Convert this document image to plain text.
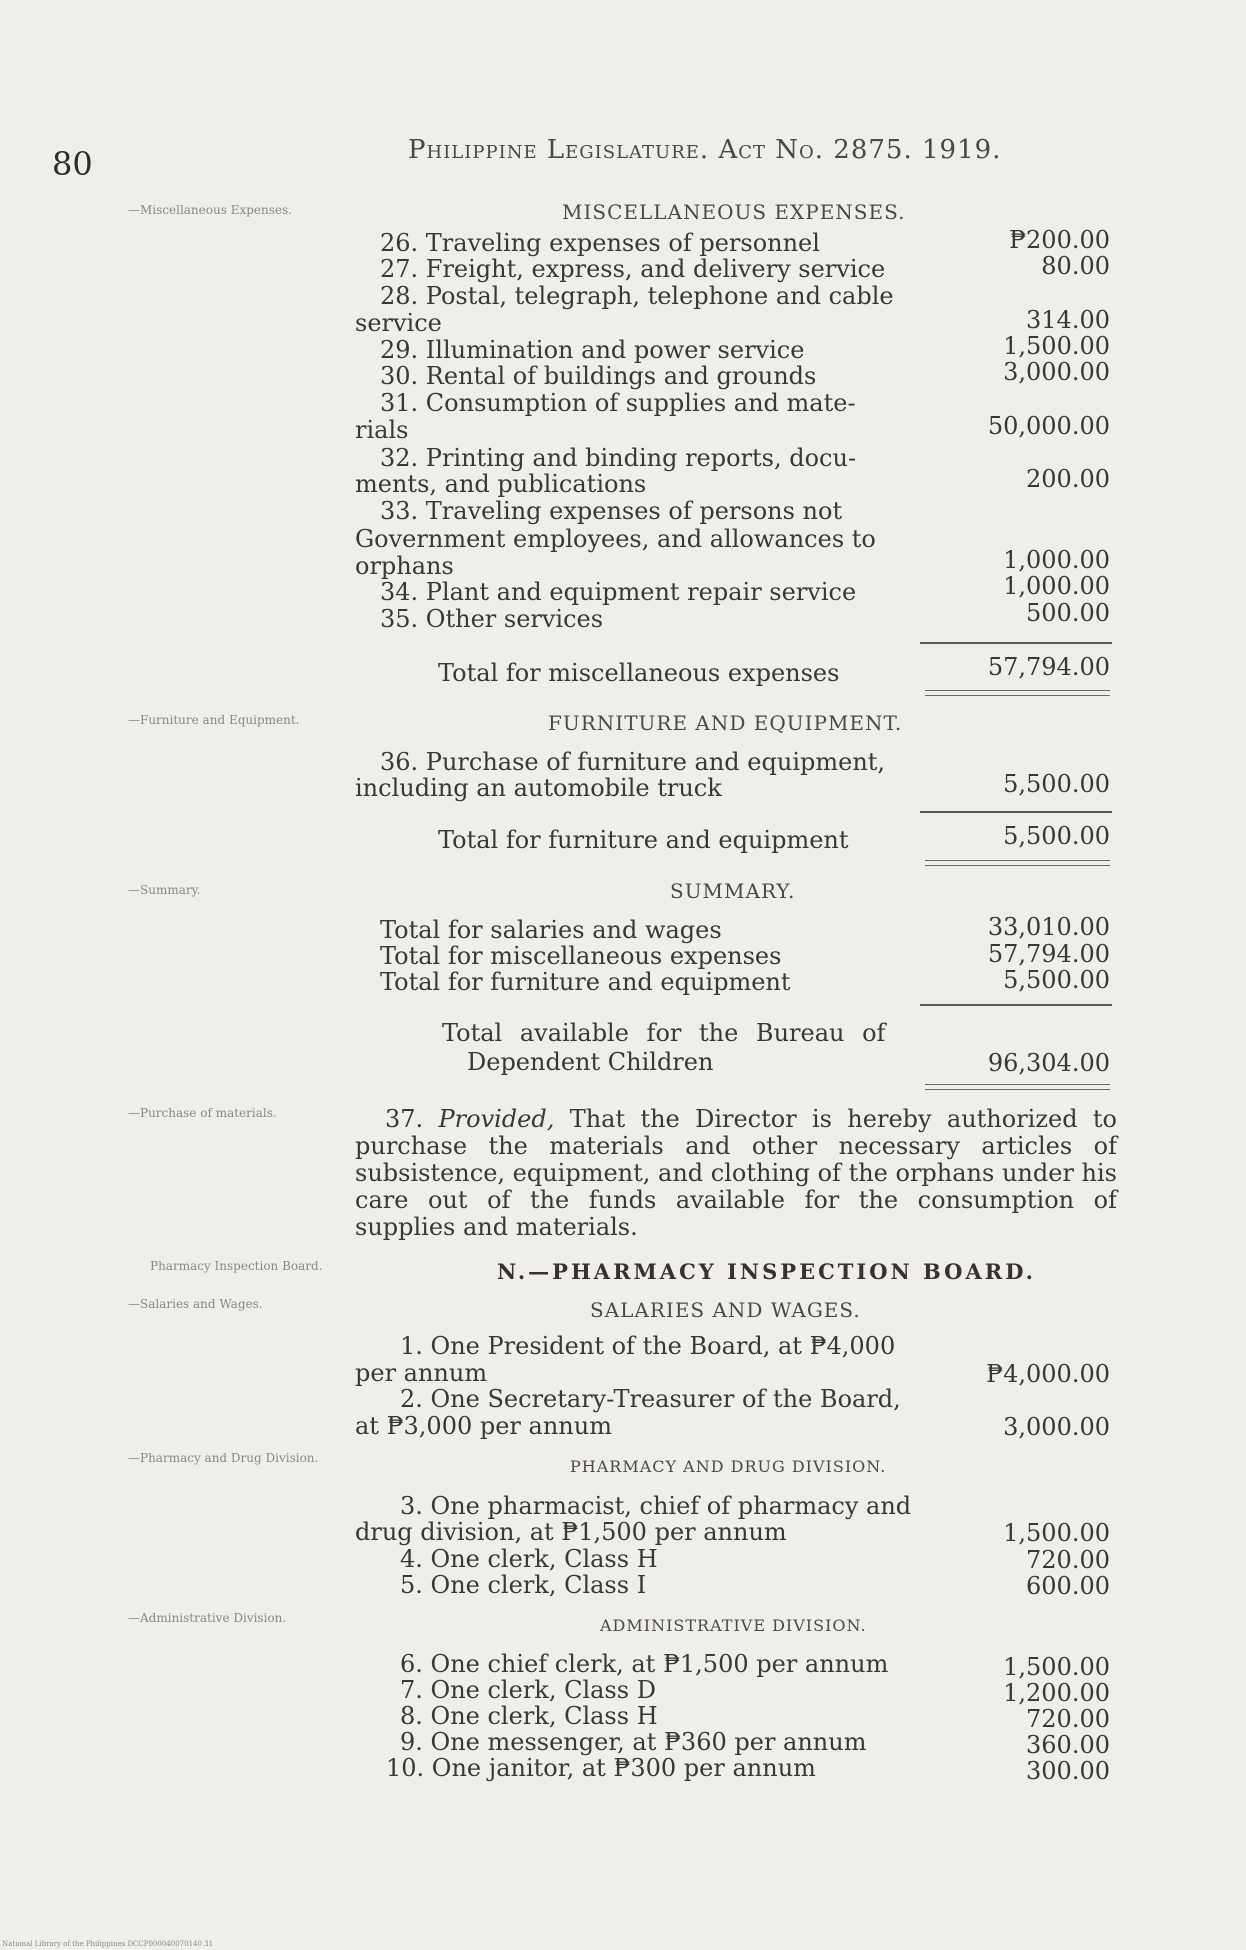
80	Philippine Legislature. Act No. 2875. 1919.
—Miscellaneous Expenses.	MISCELLANEOUS EXPENSES.
26. Traveling expenses of personnel	₱200.00
27. Freight, express, and delivery service	80.00
28. Postal, telegraph, telephone and cable
service	314.00
29. Illumination and power service	1,500.00
30. Rental of buildings and grounds	3,000.00
31. Consumption of supplies and mate-
rials	50,000.00
32. Printing and binding reports, docu-
ments, and publications	200.00
33. Traveling expenses of persons not
Government employees, and allowances to
orphans	1,000.00
34. Plant and equipment repair service	1,000.00
35. Other services	500.00
Total for miscellaneous expenses	57,794.00
—Furniture and Equipment.	FURNITURE AND EQUIPMENT.
36. Purchase of furniture and equipment,
including an automobile truck	5,500.00
Total for furniture and equipment	5,500.00
—Summary.	SUMMARY.
Total for salaries and wages	33,010.00
Total for miscellaneous expenses	57,794.00
Total for furniture and equipment	5,500.00
Total available for the Bureau of
Dependent Children	96,304.00
—Purchase of materials.	37. Provided, That the Director is hereby authorized to purchase the materials and other necessary articles of subsistence, equipment, and clothing of the orphans under his care out of the funds available for the consumption of supplies and materials.
Pharmacy Inspection Board.	N.—PHARMACY INSPECTION BOARD.
—Salaries and Wages.	SALARIES AND WAGES.
1. One President of the Board, at ₱4,000
per annum	₱4,000.00
2. One Secretary-Treasurer of the Board,
at ₱3,000 per annum	3,000.00
—Pharmacy and Drug Division.	PHARMACY AND DRUG DIVISION.
3. One pharmacist, chief of pharmacy and
drug division, at ₱1,500 per annum	1,500.00
4. One clerk, Class H	720.00
5. One clerk, Class I	600.00
—Administrative Division.	ADMINISTRATIVE DIVISION.
6. One chief clerk, at ₱1,500 per annum	1,500.00
7. One clerk, Class D	1,200.00
8. One clerk, Class H	720.00
9. One messenger, at ₱360 per annum	360.00
10. One janitor, at ₱300 per annum	300.00
National Library of the Philippines DCCP000040070140 31
